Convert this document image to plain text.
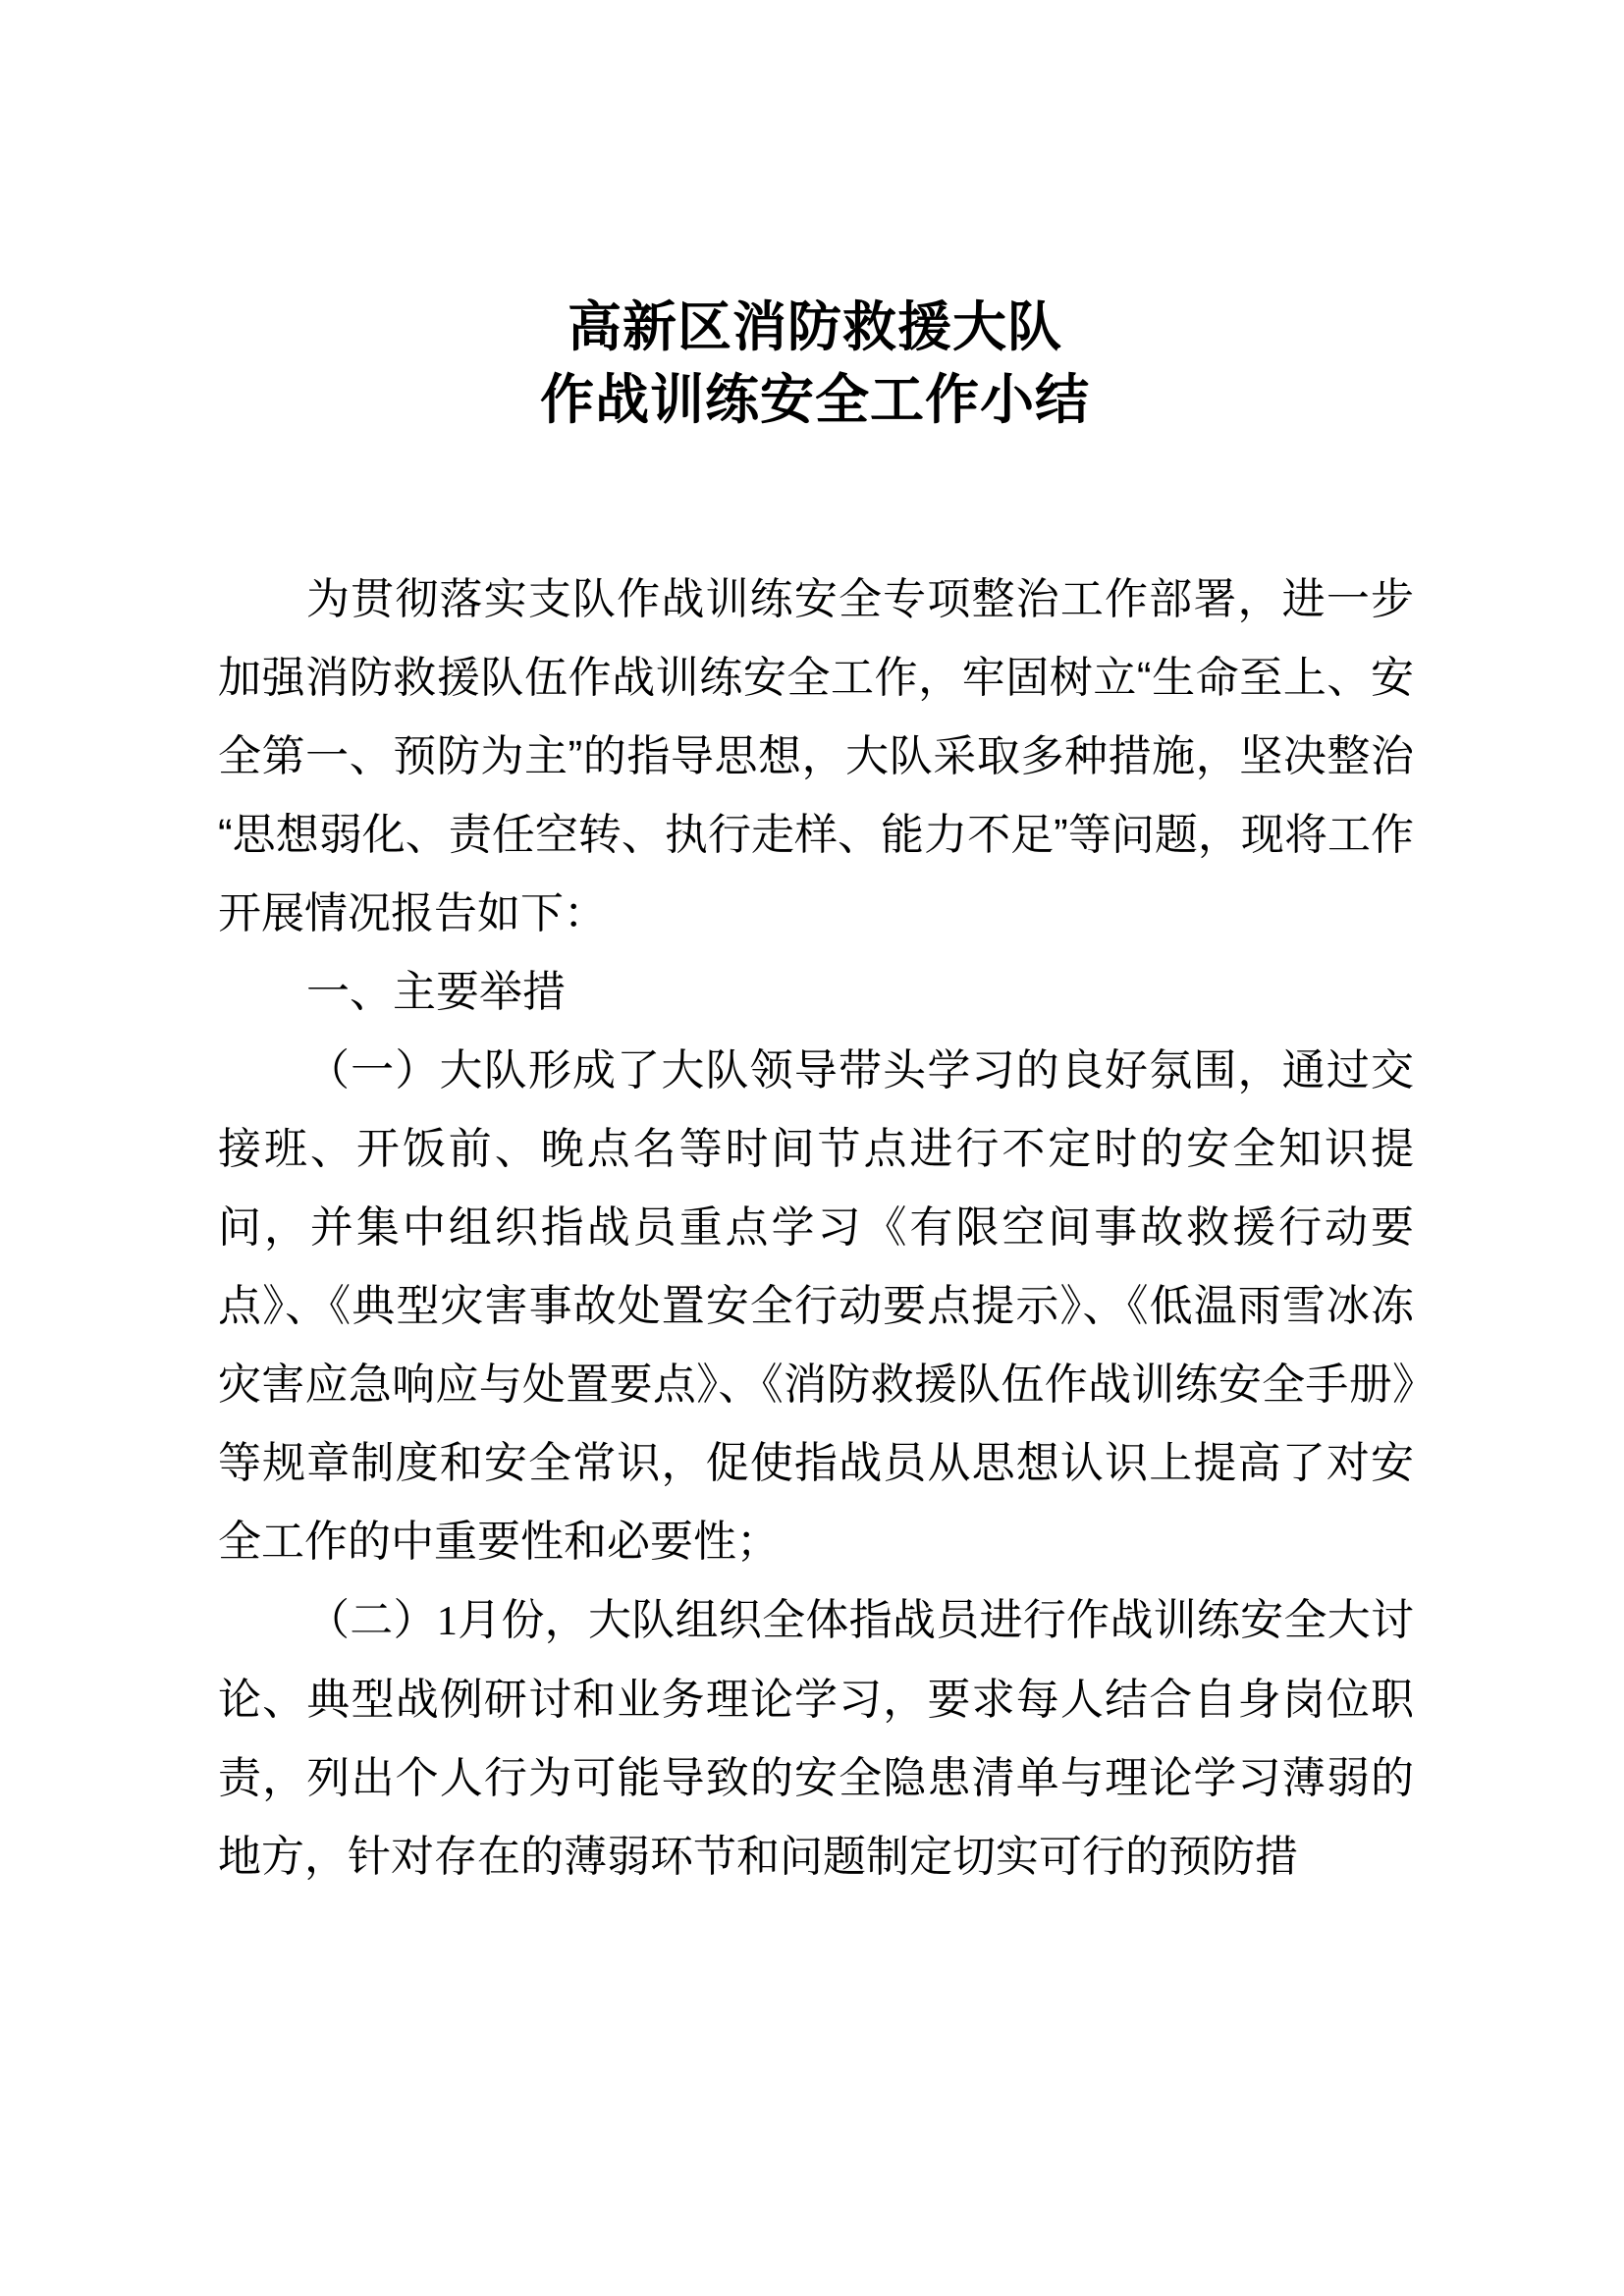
高新区消防救援大队
作战训练安全工作小结

为贯彻落实支队作战训练安全专项整治工作部署，进一步加强消防救援队伍作战训练安全工作，牢固树立“生命至上、安全第一、预防为主”的指导思想，大队采取多种措施，坚决整治“思想弱化、责任空转、执行走样、能力不足”等问题，现将工作开展情况报告如下：

一、主要举措

（一）大队形成了大队领导带头学习的良好氛围，通过交接班、开饭前、晚点名等时间节点进行不定时的安全知识提问，并集中组织指战员重点学习《有限空间事故救援行动要点》、《典型灾害事故处置安全行动要点提示》、《低温雨雪冰冻灾害应急响应与处置要点》、《消防救援队伍作战训练安全手册》等规章制度和安全常识，促使指战员从思想认识上提高了对安全工作的中重要性和必要性；

（二）1月份，大队组织全体指战员进行作战训练安全大讨论、典型战例研讨和业务理论学习，要求每人结合自身岗位职责，列出个人行为可能导致的安全隐患清单与理论学习薄弱的地方，针对存在的薄弱环节和问题制定切实可行的预防措
